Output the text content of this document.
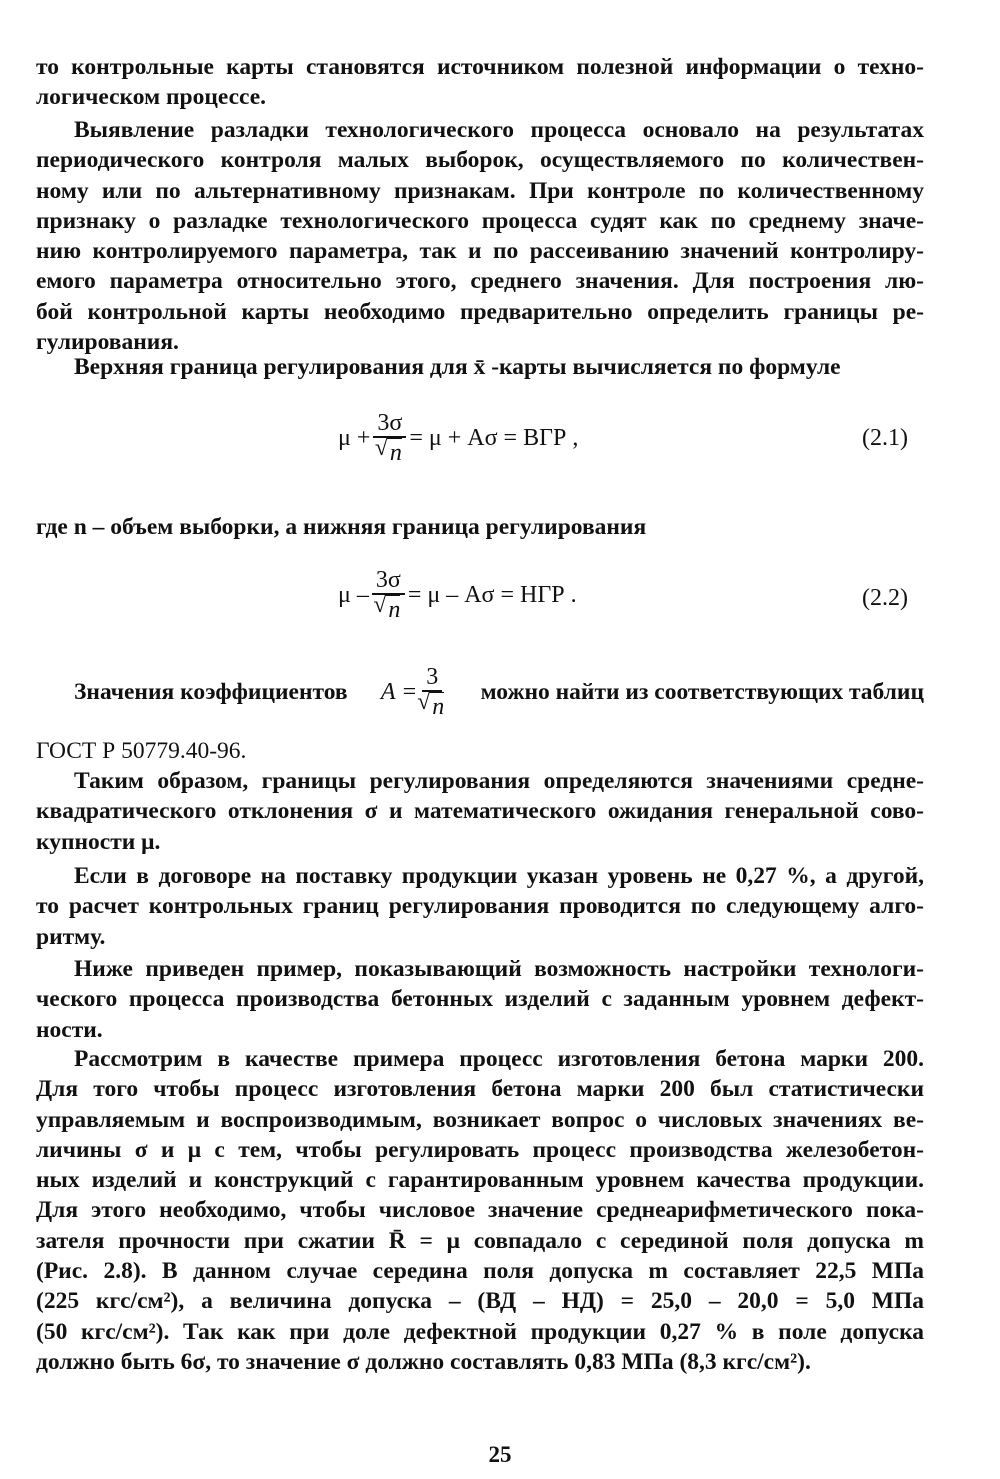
то контрольные карты становятся источником полезной информации о техно-
логическом процессе.
Выявление разладки технологического процесса основало на результатах
периодического контроля малых выборок, осуществляемого по количествен-
ному или по альтернативному признакам. При контроле по количественному
признаку о разладке технологического процесса судят как по среднему значе-
нию контролируемого параметра, так и по рассеиванию значений контролиру-
емого параметра относительно этого, среднего значения. Для построения лю-
бой контрольной карты необходимо предварительно определить границы ре-
гулирования.
Верхняя граница регулирования для x̄ -карты вычисляется по формуле
μ + 3σ
√ n = μ + Aσ = ВГР ,	(2.1)
где n – объем выборки, а нижняя граница регулирования
μ – 3σ
√ n = μ – Aσ = НГР .	(2.2)
Значения коэффициентов A = 3
√ n можно найти из соответствующих таблиц
ГОСТ Р 50779.40-96.
Таким образом, границы регулирования определяются значениями средне-
квадратического отклонения σ и математического ожидания генеральной сово-
купности μ.
Если в договоре на поставку продукции указан уровень не 0,27 %, а другой,
то расчет контрольных границ регулирования проводится по следующему алго-
ритму.
Ниже приведен пример, показывающий возможность настройки технологи-
ческого процесса производства бетонных изделий с заданным уровнем дефект-
ности.
Рассмотрим в качестве примера процесс изготовления бетона марки 200.
Для того чтобы процесс изготовления бетона марки 200 был статистически
управляемым и воспроизводимым, возникает вопрос о числовых значениях ве-
личины σ и μ с тем, чтобы регулировать процесс производства железобетон-
ных изделий и конструкций с гарантированным уровнем качества продукции.
Для этого необходимо, чтобы числовое значение среднеарифметического пока-
зателя прочности при сжатии R̄ = μ совпадало с серединой поля допуска m
(Рис. 2.8). В данном случае середина поля допуска m составляет 22,5 МПа
(225 кгс/см²), а величина допуска – (ВД – НД) = 25,0 – 20,0 = 5,0 МПа
(50 кгс/см²). Так как при доле дефектной продукции 0,27 % в поле допуска
должно быть 6σ, то значение σ должно составлять 0,83 МПа (8,3 кгс/см²).
25
